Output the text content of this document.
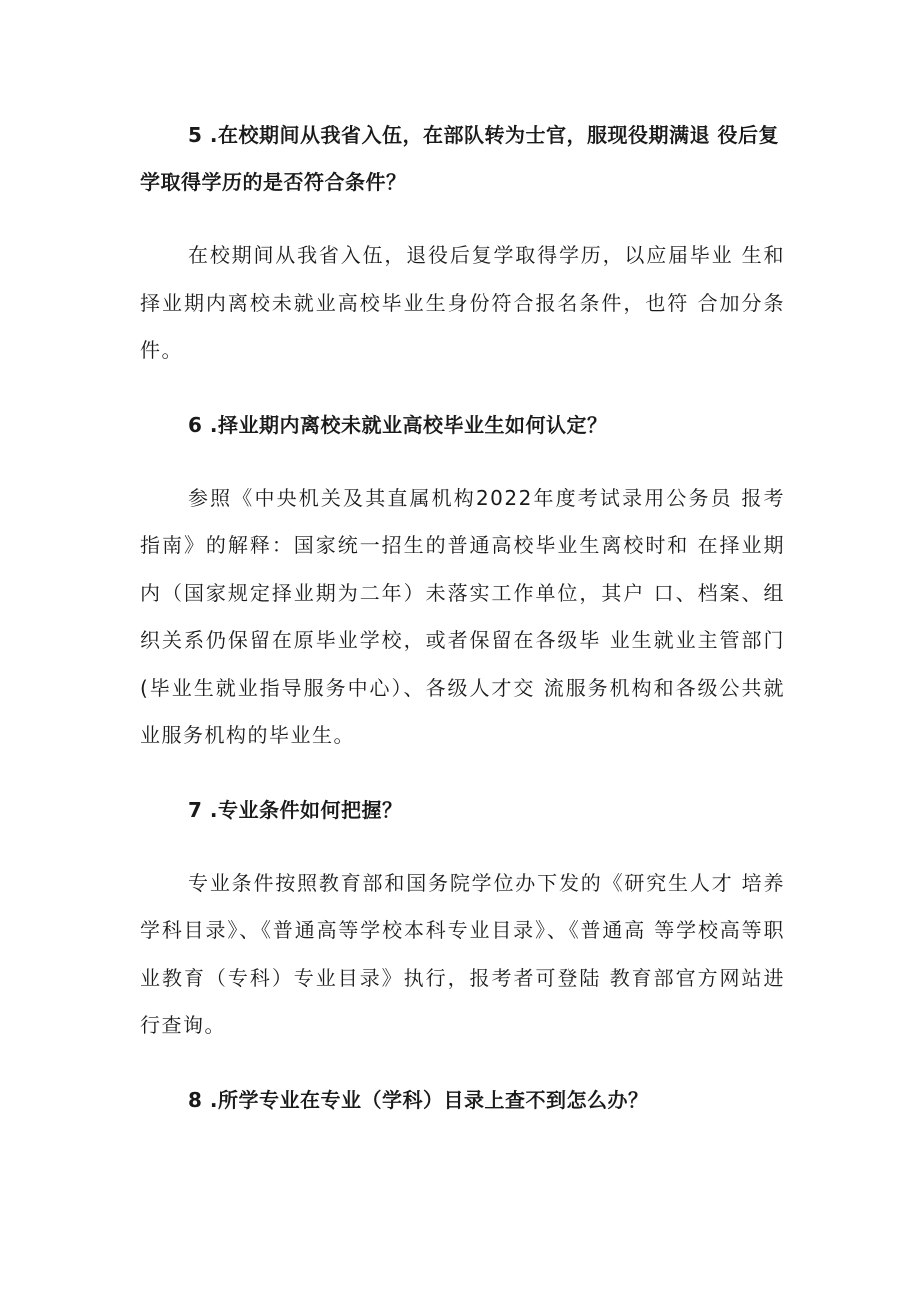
5 .在校期间从我省入伍，在部队转为士官，服现役期满退 役后复学取得学历的是否符合条件？

在校期间从我省入伍，退役后复学取得学历，以应届毕业 生和择业期内离校未就业高校毕业生身份符合报名条件，也符 合加分条件。

6 .择业期内离校未就业高校毕业生如何认定？

参照《中央机关及其直属机构2022年度考试录用公务员 报考指南》的解释：国家统一招生的普通高校毕业生离校时和 在择业期内（国家规定择业期为二年）未落实工作单位，其户 口、档案、组织关系仍保留在原毕业学校，或者保留在各级毕 业生就业主管部门(毕业生就业指导服务中心）、各级人才交 流服务机构和各级公共就业服务机构的毕业生。

7 .专业条件如何把握？

专业条件按照教育部和国务院学位办下发的《研究生人才 培养学科目录》、《普通高等学校本科专业目录》、《普通高 等学校高等职业教育（专科）专业目录》执行，报考者可登陆 教育部官方网站进行查询。

8 .所学专业在专业（学科）目录上查不到怎么办？
